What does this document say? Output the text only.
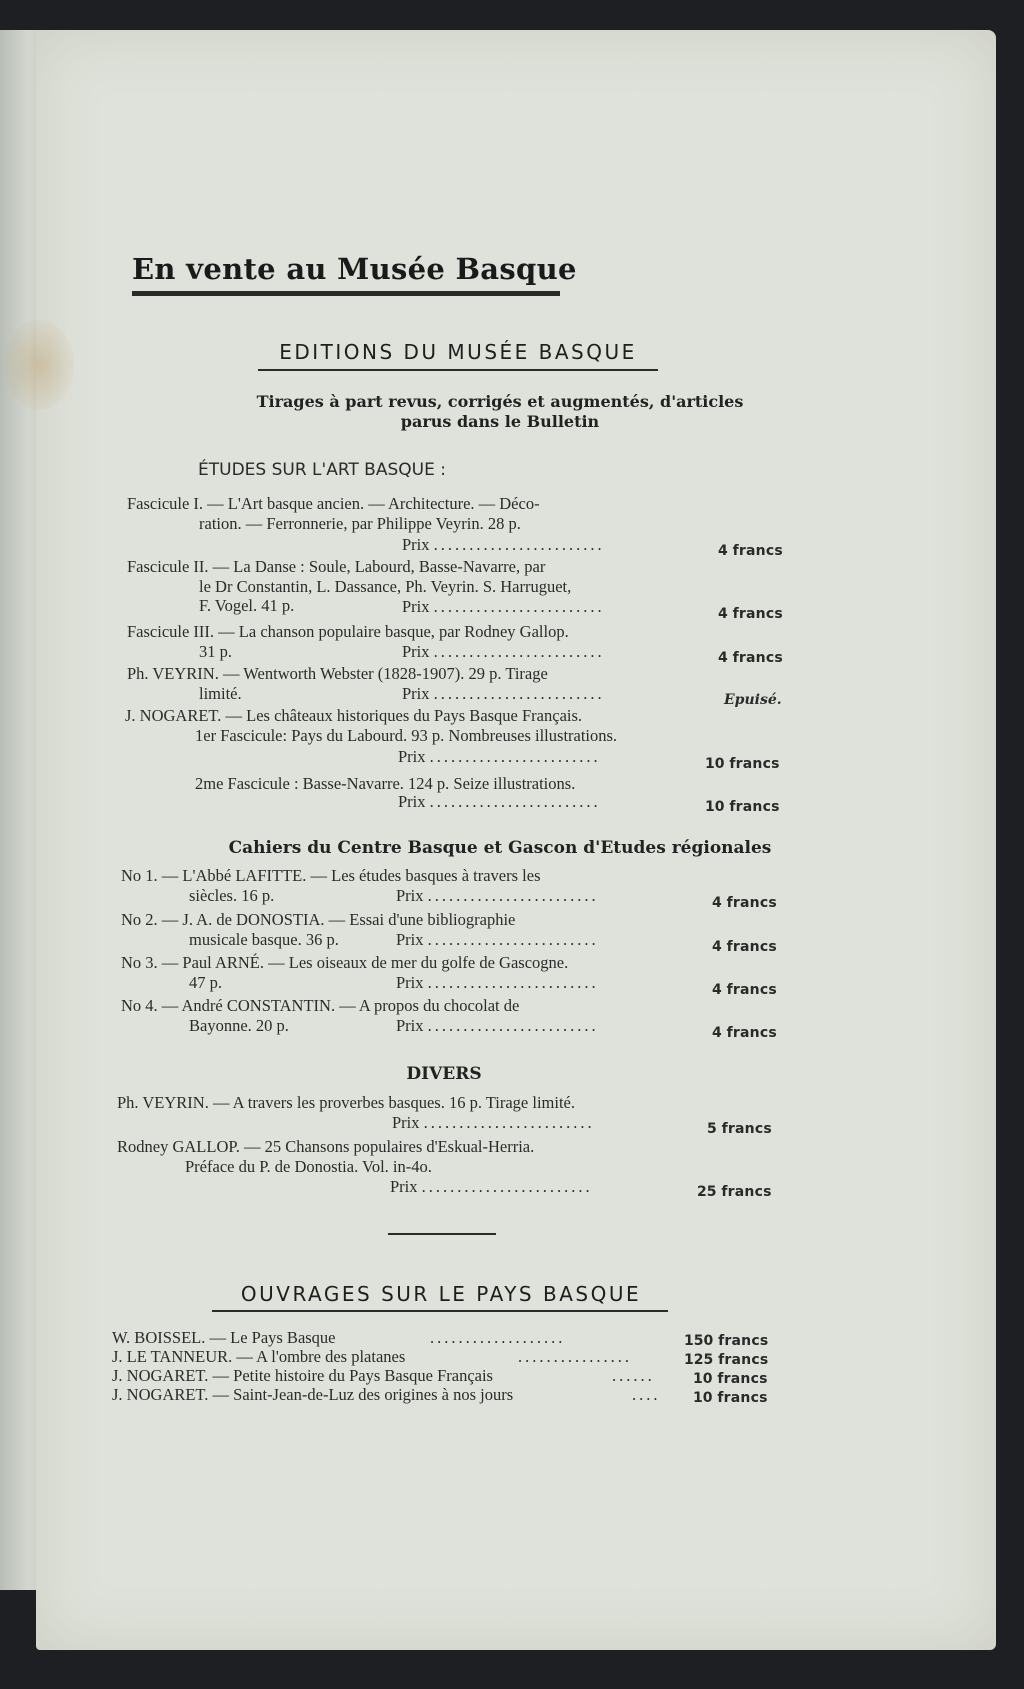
En vente au Musée Basque
EDITIONS DU MUSÉE BASQUE
Tirages à part revus, corrigés et augmentés, d'articles
parus dans le Bulletin
ÉTUDES SUR L'ART BASQUE :
Fascicule I. — L'Art basque ancien. — Architecture. — Déco-
ration. — Ferronnerie, par Philippe Veyrin. 28 p.
Prix ........................	4 francs
Fascicule II. — La Danse : Soule, Labourd, Basse-Navarre, par
le Dr Constantin, L. Dassance, Ph. Veyrin. S. Harruguet,
F. Vogel. 41 p.	Prix ........................	4 francs
Fascicule III. — La chanson populaire basque, par Rodney Gallop.
31 p.	Prix ........................	4 francs
Ph. VEYRIN. — Wentworth Webster (1828-1907). 29 p. Tirage
limité.	Prix ........................	Epuisé.
J. NOGARET. — Les châteaux historiques du Pays Basque Français.
1er Fascicule: Pays du Labourd. 93 p. Nombreuses illustrations.
Prix ........................	10 francs
2me Fascicule : Basse-Navarre. 124 p. Seize illustrations.
Prix ........................	10 francs
Cahiers du Centre Basque et Gascon d'Etudes régionales
No 1. — L'Abbé LAFITTE. — Les études basques à travers les
siècles. 16 p.	Prix ........................	4 francs
No 2. — J. A. de DONOSTIA. — Essai d'une bibliographie
musicale basque. 36 p.	Prix ........................	4 francs
No 3. — Paul ARNÉ. — Les oiseaux de mer du golfe de Gascogne.
47 p.	Prix ........................	4 francs
No 4. — André CONSTANTIN. — A propos du chocolat de
Bayonne. 20 p.	Prix ........................	4 francs
DIVERS
Ph. VEYRIN. — A travers les proverbes basques. 16 p. Tirage limité.
Prix ........................	5 francs
Rodney GALLOP. — 25 Chansons populaires d'Eskual-Herria.
Préface du P. de Donostia. Vol. in-4o.
Prix ........................	25 francs
OUVRAGES SUR LE PAYS BASQUE
W. BOISSEL. — Le Pays Basque	...................	150 francs
J. LE TANNEUR. — A l'ombre des platanes	................	125 francs
J. NOGARET. — Petite histoire du Pays Basque Français	......	10 francs
J. NOGARET. — Saint-Jean-de-Luz des origines à nos jours	.... 10 francs
